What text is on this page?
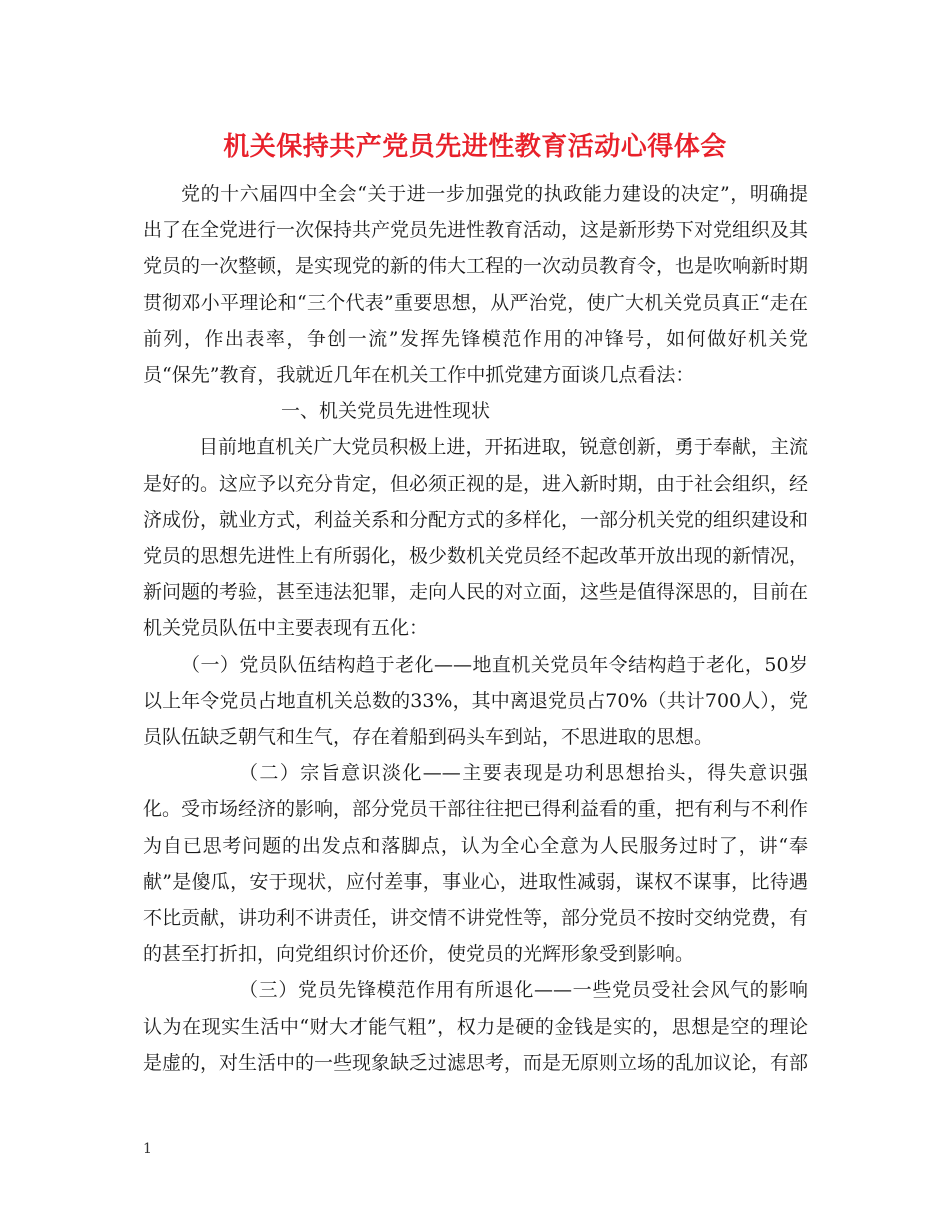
机关保持共产党员先进性教育活动心得体会

党的十六届四中全会“关于进一步加强党的执政能力建设的决定”，明确提出了在全党进行一次保持共产党员先进性教育活动，这是新形势下对党组织及其党员的一次整顿，是实现党的新的伟大工程的一次动员教育令，也是吹响新时期贯彻邓小平理论和“三个代表”重要思想，从严治党，使广大机关党员真正“走在前列，作出表率，争创一流”发挥先锋模范作用的冲锋号，如何做好机关党员“保先”教育，我就近几年在机关工作中抓党建方面谈几点看法：

一、机关党员先进性现状

目前地直机关广大党员积极上进，开拓进取，锐意创新，勇于奉献，主流是好的。这应予以充分肯定，但必须正视的是，进入新时期，由于社会组织，经济成份，就业方式，利益关系和分配方式的多样化，一部分机关党的组织建设和党员的思想先进性上有所弱化，极少数机关党员经不起改革开放出现的新情况，新问题的考验，甚至违法犯罪，走向人民的对立面，这些是值得深思的，目前在机关党员队伍中主要表现有五化：

（一）党员队伍结构趋于老化——地直机关党员年令结构趋于老化，50岁以上年令党员占地直机关总数的33%，其中离退党员占70%（共计700人），党员队伍缺乏朝气和生气，存在着船到码头车到站，不思进取的思想。

（二）宗旨意识淡化——主要表现是功利思想抬头，得失意识强化。受市场经济的影响，部分党员干部往往把已得利益看的重，把有利与不利作为自已思考问题的出发点和落脚点，认为全心全意为人民服务过时了，讲“奉献”是傻瓜，安于现状，应付差事，事业心，进取性减弱，谋权不谋事，比待遇不比贡献，讲功利不讲责任，讲交情不讲党性等，部分党员不按时交纳党费，有的甚至打折扣，向党组织讨价还价，使党员的光辉形象受到影响。

（三）党员先锋模范作用有所退化——一些党员受社会风气的影响认为在现实生活中“财大才能气粗”，权力是硬的金钱是实的，思想是空的理论是虚的，对生活中的一些现象缺乏过滤思考，而是无原则立场的乱加议论，有部

1
